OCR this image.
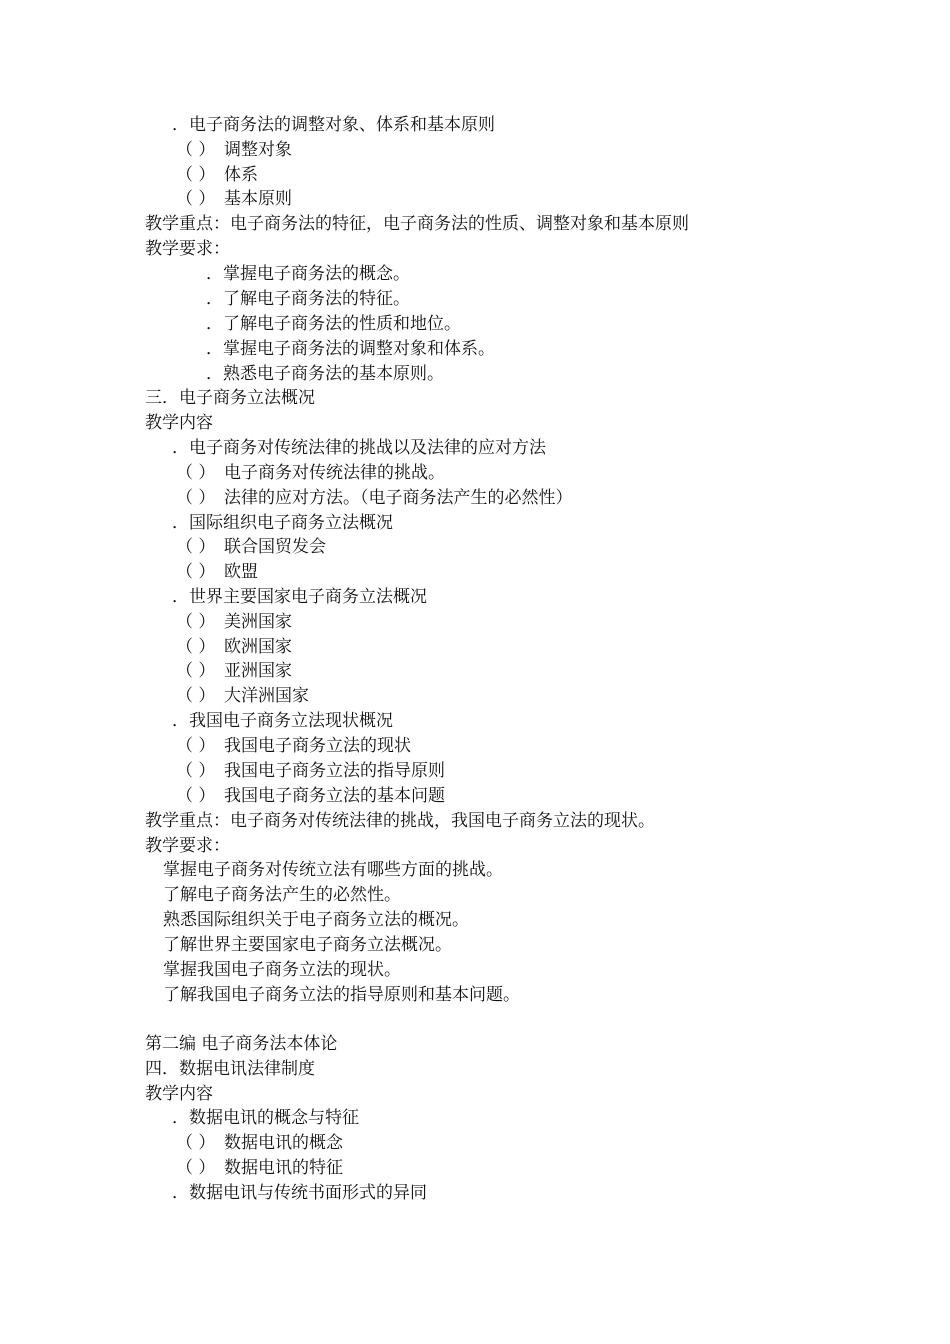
．电子商务法的调整对象、体系和基本原则
（ ） 调整对象
（ ） 体系
（ ） 基本原则
教学重点：电子商务法的特征，电子商务法的性质、调整对象和基本原则
教学要求：
．掌握电子商务法的概念。
．了解电子商务法的特征。
．了解电子商务法的性质和地位。
．掌握电子商务法的调整对象和体系。
．熟悉电子商务法的基本原则。
三．电子商务立法概况
教学内容
．电子商务对传统法律的挑战以及法律的应对方法
（ ） 电子商务对传统法律的挑战。
（ ） 法律的应对方法。（电子商务法产生的必然性）
．国际组织电子商务立法概况
（ ） 联合国贸发会
（ ） 欧盟
．世界主要国家电子商务立法概况
（ ） 美洲国家
（ ） 欧洲国家
（ ） 亚洲国家
（ ） 大洋洲国家
．我国电子商务立法现状概况
（ ） 我国电子商务立法的现状
（ ） 我国电子商务立法的指导原则
（ ） 我国电子商务立法的基本问题
教学重点：电子商务对传统法律的挑战，我国电子商务立法的现状。
教学要求：
掌握电子商务对传统立法有哪些方面的挑战。
了解电子商务法产生的必然性。
熟悉国际组织关于电子商务立法的概况。
了解世界主要国家电子商务立法概况。
掌握我国电子商务立法的现状。
了解我国电子商务立法的指导原则和基本问题。
第二编 电子商务法本体论
四．数据电讯法律制度
教学内容
．数据电讯的概念与特征
（ ） 数据电讯的概念
（ ） 数据电讯的特征
．数据电讯与传统书面形式的异同
